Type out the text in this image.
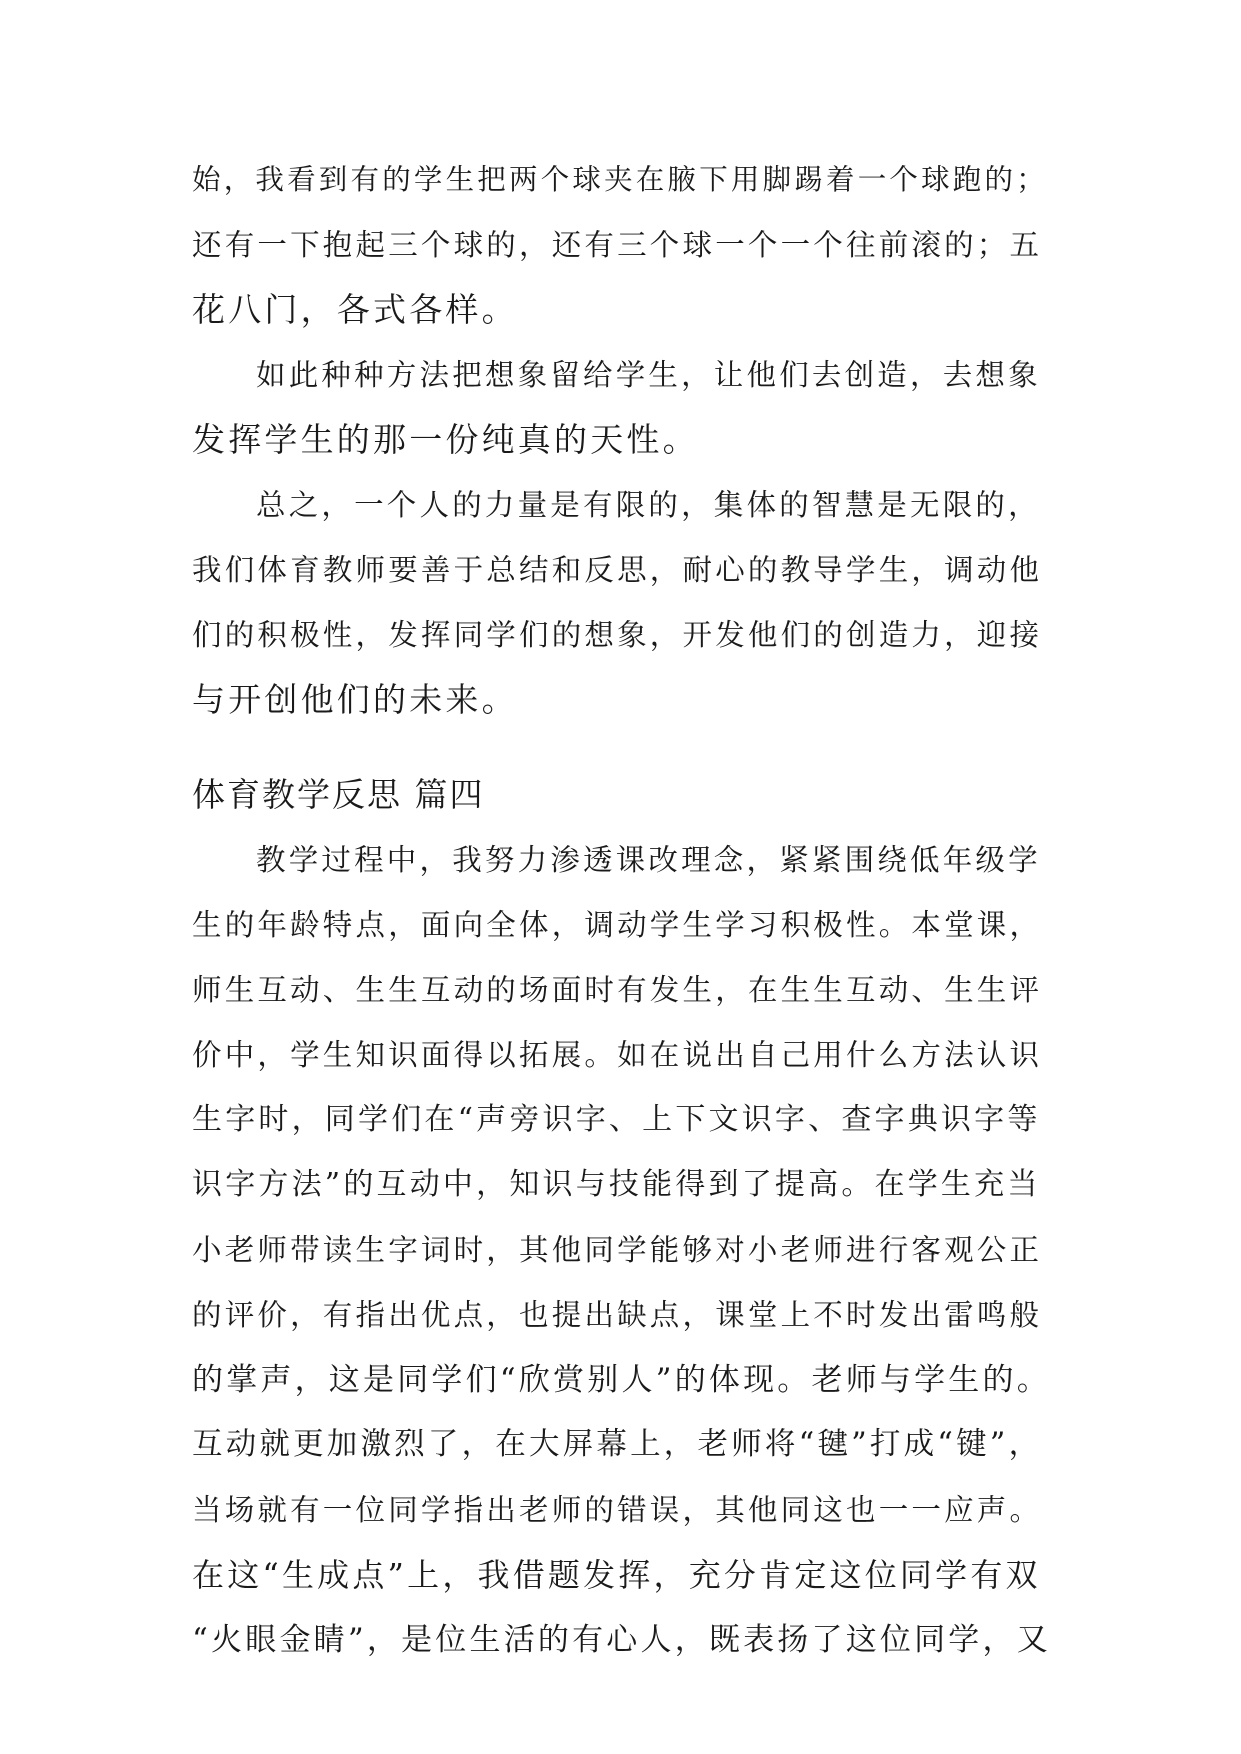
始，我看到有的学生把两个球夹在腋下用脚踢着一个球跑的；
还有一下抱起三个球的，还有三个球一个一个往前滚的；五
花八门，各式各样。
如此种种方法把想象留给学生，让他们去创造，去想象
发挥学生的那一份纯真的天性。
总之，一个人的力量是有限的，集体的智慧是无限的，
我们体育教师要善于总结和反思，耐心的教导学生，调动他
们的积极性，发挥同学们的想象，开发他们的创造力，迎接
与开创他们的未来。
体育教学反思 篇四
教学过程中，我努力渗透课改理念，紧紧围绕低年级学
生的年龄特点，面向全体，调动学生学习积极性。本堂课，
师生互动、生生互动的场面时有发生，在生生互动、生生评
价中，学生知识面得以拓展。如在说出自己用什么方法认识
生字时，同学们在“声旁识字、上下文识字、查字典识字等
识字方法”的互动中，知识与技能得到了提高。在学生充当
小老师带读生字词时，其他同学能够对小老师进行客观公正
的评价，有指出优点，也提出缺点，课堂上不时发出雷鸣般
的掌声，这是同学们“欣赏别人”的体现。老师与学生的。
互动就更加激烈了，在大屏幕上，老师将“毽”打成“键”，
当场就有一位同学指出老师的错误，其他同这也一一应声。
在这“生成点”上，我借题发挥，充分肯定这位同学有双
“火眼金睛”，是位生活的有心人，既表扬了这位同学，又
